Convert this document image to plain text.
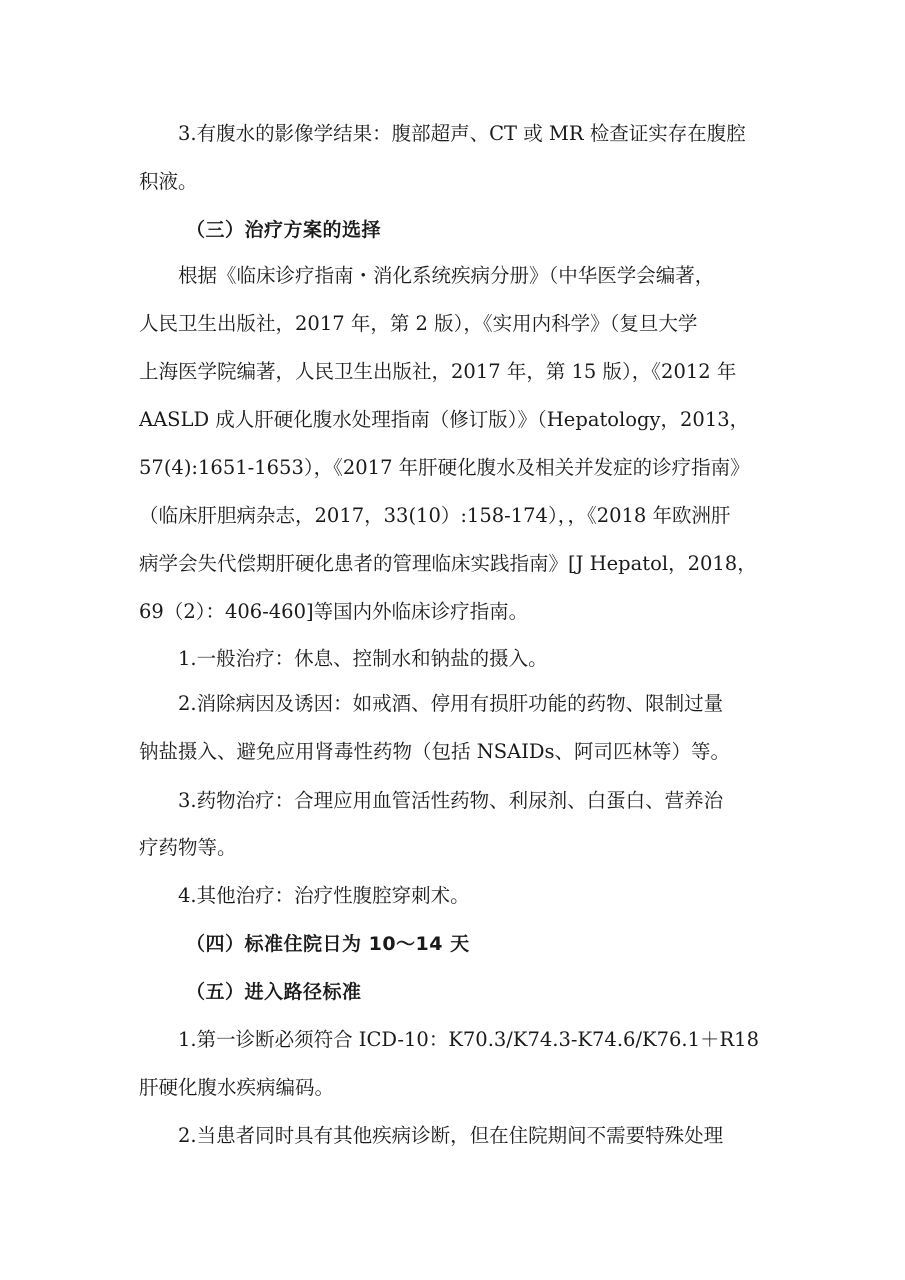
3.有腹水的影像学结果：腹部超声、CT 或 MR 检查证实存在腹腔

积液。

（三）治疗方案的选择

根据《临床诊疗指南・消化系统疾病分册》（中华医学会编著，

人民卫生出版社，2017 年，第 2 版），《实用内科学》（复旦大学

上海医学院编著，人民卫生出版社，2017 年，第 15 版），《2012 年

AASLD 成人肝硬化腹水处理指南（修订版）》（Hepatology，2013，

57(4):1651-1653），《2017 年肝硬化腹水及相关并发症的诊疗指南》

（临床肝胆病杂志，2017，33(10）:158-174），，《2018 年欧洲肝

病学会失代偿期肝硬化患者的管理临床实践指南》[J Hepatol，2018，

69（2）：406-460]等国内外临床诊疗指南。

1.一般治疗：休息、控制水和钠盐的摄入。

2.消除病因及诱因：如戒酒、停用有损肝功能的药物、限制过量

钠盐摄入、避免应用肾毒性药物（包括 NSAIDs、阿司匹林等）等。

3.药物治疗：合理应用血管活性药物、利尿剂、白蛋白、营养治

疗药物等。

4.其他治疗：治疗性腹腔穿刺术。

（四）标准住院日为 10～14 天

（五）进入路径标准

1.第一诊断必须符合 ICD-10：K70.3/K74.3-K74.6/K76.1＋R18

肝硬化腹水疾病编码。

2.当患者同时具有其他疾病诊断，但在住院期间不需要特殊处理
